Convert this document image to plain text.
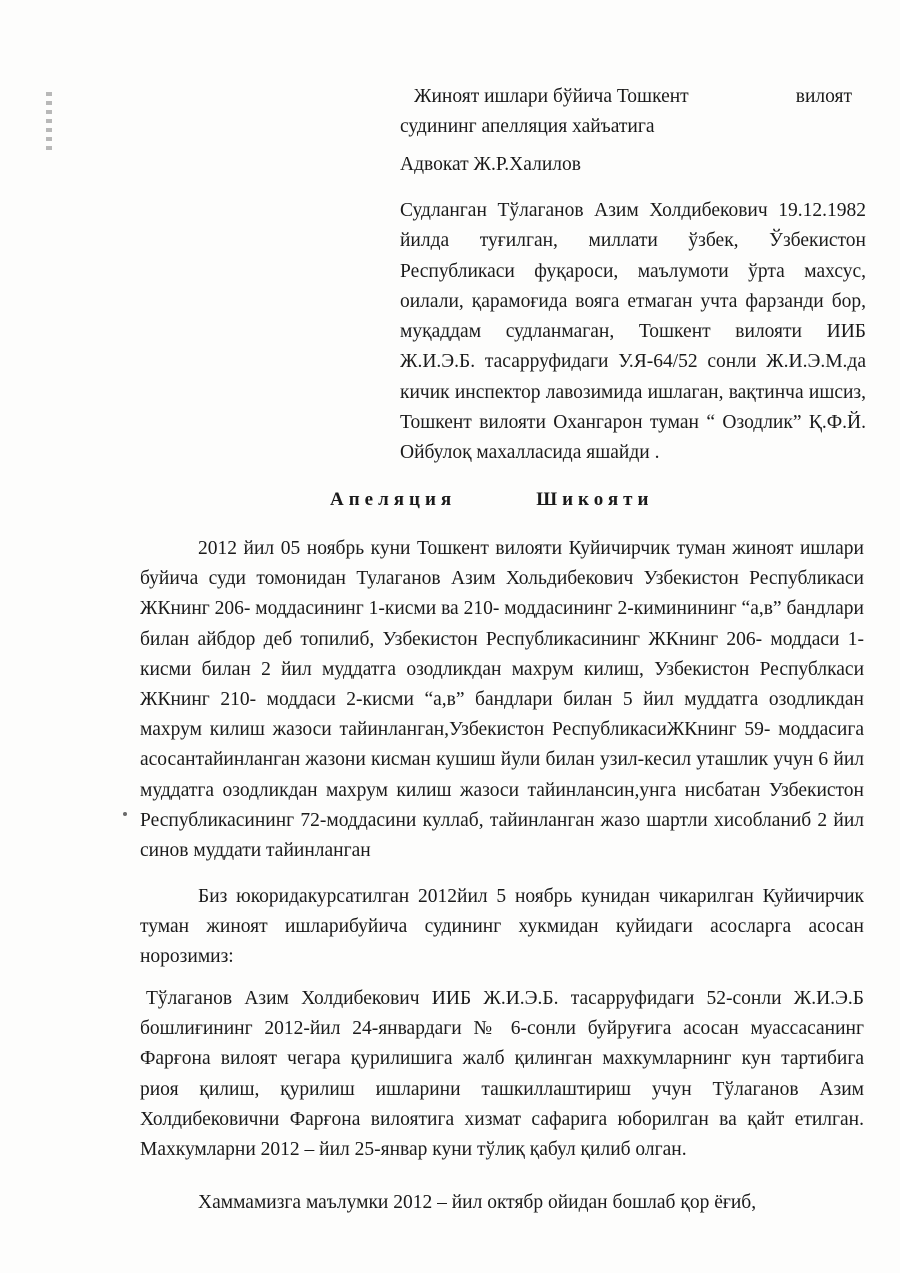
Жиноят ишлари бўйича Тошкент	вилоят
судининг апелляция хайъатига
Адвокат Ж.Р.Халилов
Судланган Тўлаганов Азим Холдибекович 19.12.1982 йилда туғилган, миллати ўзбек, Ўзбекистон Республикаси фуқароси, маълумоти ўрта махсус, оилали, қарамоғида вояга етмаган учта фарзанди бор, муқаддам судланмаган, Тошкент вилояти ИИБ Ж.И.Э.Б. тасарруфидаги У.Я-64/52 сонли Ж.И.Э.М.да кичик инспектор лавозимида ишлаган, вақтинча ишсиз, Тошкент вилояти Охангарон туман “ Озодлик” Қ.Ф.Й. Ойбулоқ махалласида яшайди .
Апеляция	Шикояти
2012 йил 05 ноябрь куни Тошкент вилояти Куйичирчик туман жиноят ишлари буйича суди томонидан Тулаганов Азим Хольдибекович Узбекистон Республикаси ЖКнинг 206- моддасининг 1-кисми ва 210- моддасининг 2-киминининг “а,в” бандлари билан айбдор деб топилиб, Узбекистон Республикасининг ЖКнинг 206- моддаси 1-кисми билан 2 йил муддатга озодликдан махрум килиш, Узбекистон Республкаси ЖКнинг 210- моддаси 2-кисми “а,в” бандлари билан 5 йил муддатга озодликдан махрум килиш жазоси тайинланган,Узбекистон РеспубликасиЖКнинг 59- моддасига асосантайинланган жазони кисман кушиш йули билан узил-кесил уташлик учун 6 йил муддатга озодликдан махрум килиш жазоси тайинлансин,унга нисбатан Узбекистон Республикасининг 72-моддасини куллаб, тайинланган жазо шартли хисобланиб 2 йил синов муддати тайинланган
Биз юкоридакурсатилган 2012йил 5 ноябрь кунидан чикарилган Куйичирчик туман жиноят ишларибуйича судининг хукмидан куйидаги асосларга асосан норозимиз:
Тўлаганов Азим Холдибекович ИИБ Ж.И.Э.Б. тасарруфидаги 52-сонли Ж.И.Э.Б бошлиғининг 2012-йил 24-январдаги № 6-сонли буйруғига асосан муассасанинг Фарғона вилоят чегара қурилишига жалб қилинган махкумларнинг кун тартибига риоя қилиш, қурилиш ишларини ташкиллаштириш учун Тўлаганов Азим Холдибековични Фарғона вилоятига хизмат сафарига юборилган ва қайт етилган. Махкумларни 2012 – йил 25-январ куни тўлиқ қабул қилиб олган.
Хаммамизга маълумки 2012 – йил октябр ойидан бошлаб қор ёғиб,
